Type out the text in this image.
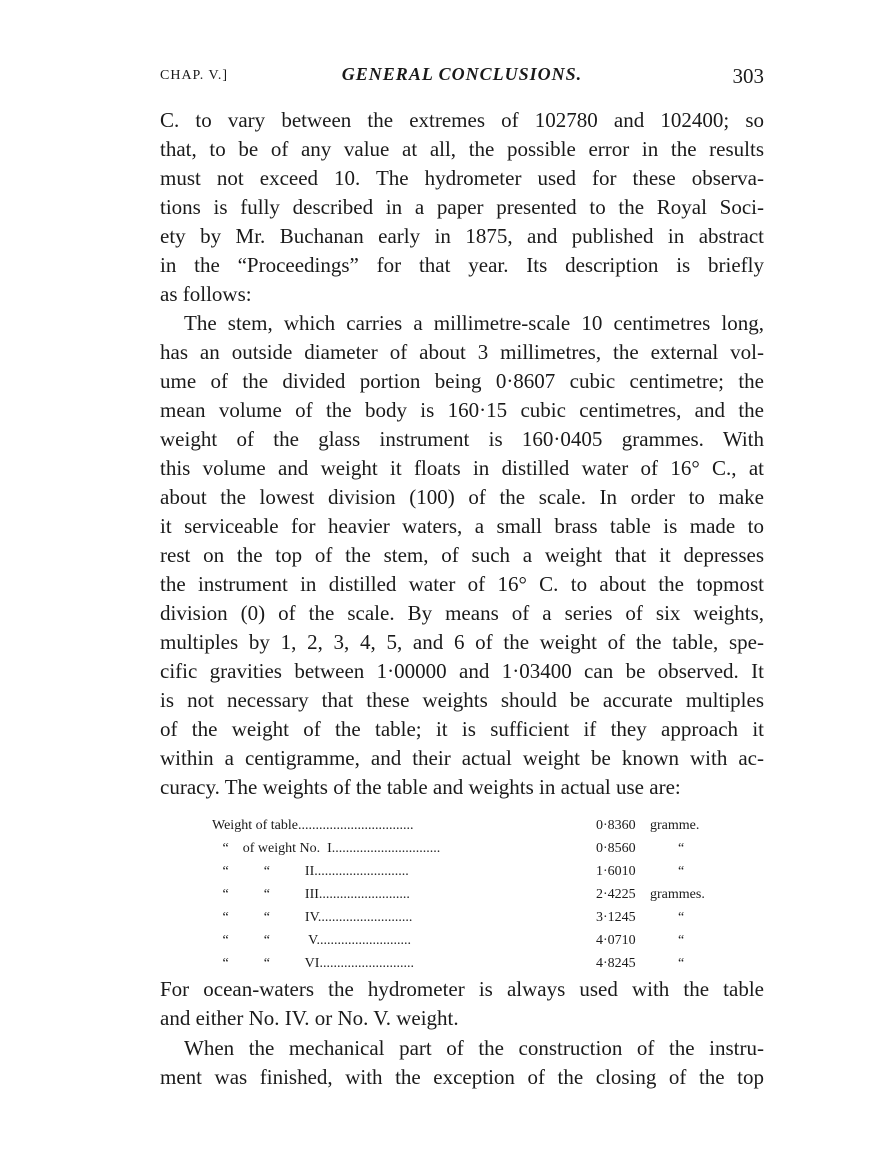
CHAP. V.]	GENERAL CONCLUSIONS.	303
C. to vary between the extremes of 102780 and 102400; so
that, to be of any value at all, the possible error in the results
must not exceed 10. The hydrometer used for these observa-
tions is fully described in a paper presented to the Royal Soci-
ety by Mr. Buchanan early in 1875, and published in abstract
in the “Proceedings” for that year. Its description is briefly
as follows:
The stem, which carries a millimetre-scale 10 centimetres long,
has an outside diameter of about 3 millimetres, the external vol-
ume of the divided portion being 0·8607 cubic centimetre; the
mean volume of the body is 160·15 cubic centimetres, and the
weight of the glass instrument is 160·0405 grammes. With
this volume and weight it floats in distilled water of 16° C., at
about the lowest division (100) of the scale. In order to make
it serviceable for heavier waters, a small brass table is made to
rest on the top of the stem, of such a weight that it depresses
the instrument in distilled water of 16° C. to about the topmost
division (0) of the scale. By means of a series of six weights,
multiples by 1, 2, 3, 4, 5, and 6 of the weight of the table, spe-
cific gravities between 1·00000 and 1·03400 can be observed. It
is not necessary that these weights should be accurate multiples
of the weight of the table; it is sufficient if they approach it
within a centigramme, and their actual weight be known with ac-
curacy. The weights of the table and weights in actual use are:
Weight of table.................................	0·8360 gramme.
“    of weight No.  I...............................	0·8560	“
“          “          II...........................	1·6010	“
“          “          III..........................	2·4225 grammes.
“          “          IV...........................	3·1245	“
“          “           V...........................	4·0710	“
“          “          VI...........................	4·8245	“
For ocean-waters the hydrometer is always used with the table
and either No. IV. or No. V. weight.
When the mechanical part of the construction of the instru-
ment was finished, with the exception of the closing of the top
